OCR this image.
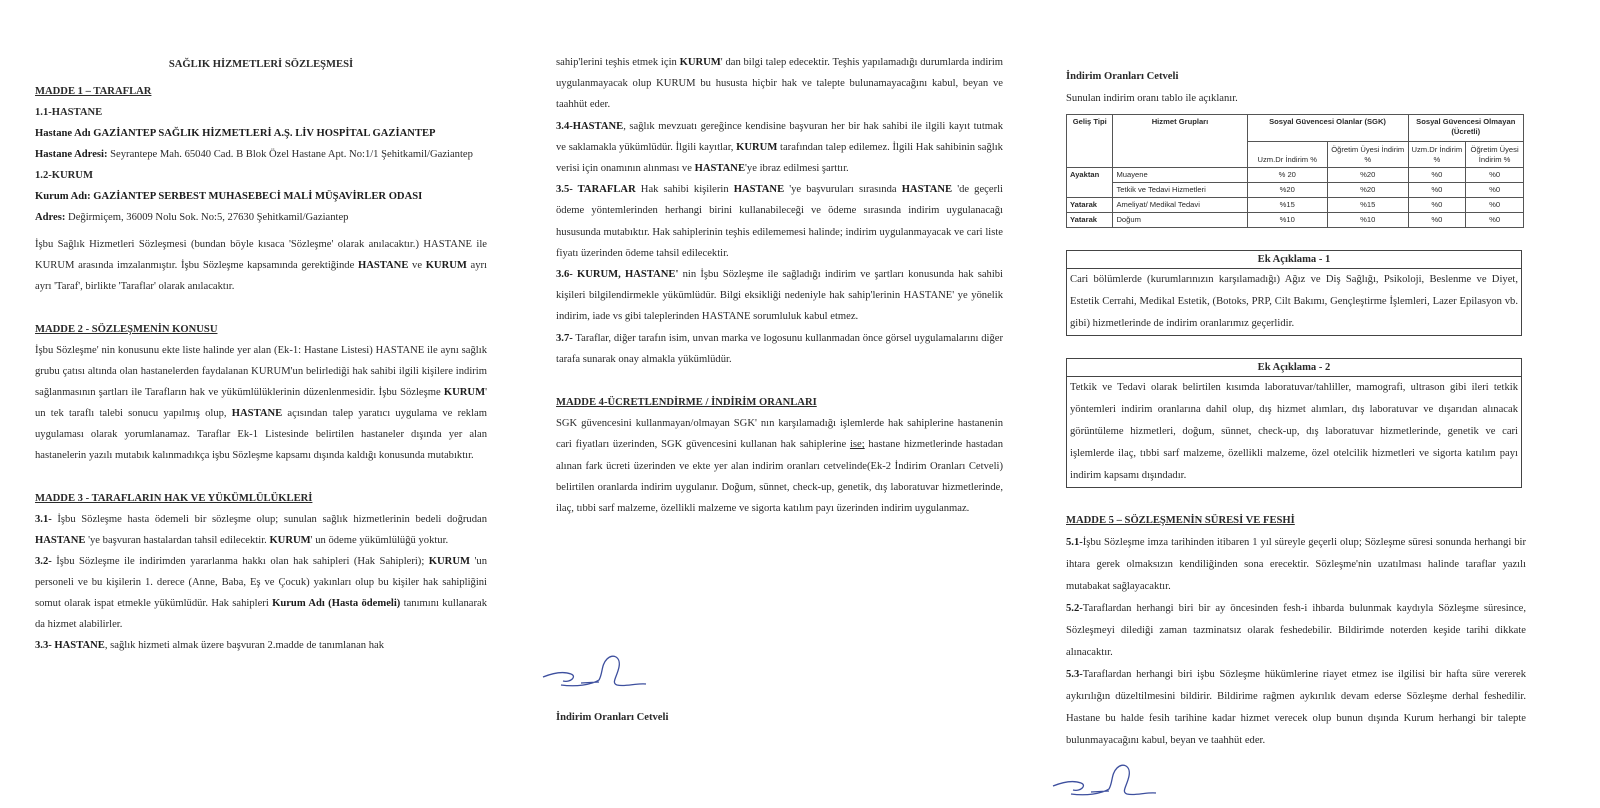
SAĞLIK HİZMETLERİ SÖZLEŞMESİ

MADDE 1 – TARAFLAR

1.1-HASTANE

Hastane Adı GAZİANTEP SAĞLIK HİZMETLERİ A.Ş. LİV HOSPİTAL GAZİANTEP

Hastane Adresi: Seyrantepe Mah. 65040 Cad. B Blok Özel Hastane Apt. No:1/1 Şehitkamil/Gaziantep

1.2-KURUM

Kurum Adı: GAZİANTEP SERBEST MUHASEBECİ MALİ MÜŞAVİRLER ODASI

Adres: Değirmiçem, 36009 Nolu Sok. No:5, 27630 Şehitkamil/Gaziantep

İşbu Sağlık Hizmetleri Sözleşmesi (bundan böyle kısaca 'Sözleşme' olarak anılacaktır.) HASTANE ile KURUM arasında imzalanmıştır. İşbu Sözleşme kapsamında gerektiğinde HASTANE ve KURUM ayrı ayrı 'Taraf', birlikte 'Taraflar' olarak anılacaktır.

MADDE 2 - SÖZLEŞMENİN KONUSU

İşbu Sözleşme' nin konusunu ekte liste halinde yer alan (Ek-1: Hastane Listesi) HASTANE ile aynı sağlık grubu çatısı altında olan hastanelerden faydalanan KURUM'un belirlediği hak sahibi ilgili kişilere indirim sağlanmasının şartları ile Tarafların hak ve yükümlülüklerinin düzenlenmesidir. İşbu Sözleşme KURUM' un tek taraflı talebi sonucu yapılmış olup, HASTANE açısından talep yaratıcı uygulama ve reklam uygulaması olarak yorumlanamaz. Taraflar Ek-1 Listesinde belirtilen hastaneler dışında yer alan hastanelerin yazılı mutabık kalınmadıkça işbu Sözleşme kapsamı dışında kaldığı konusunda mutabıktır.

MADDE 3 - TARAFLARIN HAK VE YÜKÜMLÜLÜKLERİ

3.1- İşbu Sözleşme hasta ödemeli bir sözleşme olup; sunulan sağlık hizmetlerinin bedeli doğrudan HASTANE 'ye başvuran hastalardan tahsil edilecektir. KURUM' un ödeme yükümlülüğü yoktur.

3.2- İşbu Sözleşme ile indirimden yararlanma hakkı olan hak sahipleri (Hak Sahipleri); KURUM 'un personeli ve bu kişilerin 1. derece (Anne, Baba, Eş ve Çocuk) yakınları olup bu kişiler hak sahipliğini somut olarak ispat etmekle yükümlüdür. Hak sahipleri Kurum Adı (Hasta ödemeli) tanımını kullanarak da hizmet alabilirler.

3.3- HASTANE, sağlık hizmeti almak üzere başvuran 2.madde de tanımlanan hak

sahip'lerini teşhis etmek için KURUM' dan bilgi talep edecektir. Teşhis yapılamadığı durumlarda indirim uygulanmayacak olup KURUM bu hususta hiçbir hak ve talepte bulunamayacağını kabul, beyan ve taahhüt eder.

3.4-HASTANE, sağlık mevzuatı gereğince kendisine başvuran her bir hak sahibi ile ilgili kayıt tutmak ve saklamakla yükümlüdür. İlgili kayıtlar, KURUM tarafından talep edilemez. İlgili Hak sahibinin sağlık verisi için onamının alınması ve HASTANE'ye ibraz edilmesi şarttır.

3.5- TARAFLAR Hak sahibi kişilerin HASTANE 'ye başvuruları sırasında HASTANE 'de geçerli ödeme yöntemlerinden herhangi birini kullanabileceği ve ödeme sırasında indirim uygulanacağı hususunda mutabıktır. Hak sahiplerinin teşhis edilememesi halinde; indirim uygulanmayacak ve cari liste fiyatı üzerinden ödeme tahsil edilecektir.

3.6- KURUM, HASTANE' nin İşbu Sözleşme ile sağladığı indirim ve şartları konusunda hak sahibi kişileri bilgilendirmekle yükümlüdür. Bilgi eksikliği nedeniyle hak sahip'lerinin HASTANE' ye yönelik indirim, iade vs gibi taleplerinden HASTANE sorumluluk kabul etmez.

3.7- Taraflar, diğer tarafın isim, unvan marka ve logosunu kullanmadan önce görsel uygulamalarını diğer tarafa sunarak onay almakla yükümlüdür.

MADDE 4-ÜCRETLENDİRME / İNDİRİM ORANLARI

SGK güvencesini kullanmayan/olmayan SGK' nın karşılamadığı işlemlerde hak sahiplerine hastanenin cari fiyatları üzerinden, SGK güvencesini kullanan hak sahiplerine ise; hastane hizmetlerinde hastadan alınan fark ücreti üzerinden ve ekte yer alan indirim oranları cetvelinde(Ek-2 İndirim Oranları Cetveli) belirtilen oranlarda indirim uygulanır. Doğum, sünnet, check-up, genetik, dış laboratuvar hizmetlerinde, ilaç, tıbbi sarf malzeme, özellikli malzeme ve sigorta katılım payı üzerinden indirim uygulanmaz.

İndirim Oranları Cetveli

İndirim Oranları Cetveli

Sunulan indirim oranı tablo ile açıklanır.

Geliş Tipi	Hizmet Grupları	Sosyal Güvencesi Olanlar (SGK)		Sosyal Güvencesi Olmayan (Ücretli)	
		Uzm.Dr İndirim %	Öğretim Üyesi İndirim %	Uzm.Dr İndirim %	Öğretim Üyesi İndirim %
Ayaktan	Muayene	% 20	%20	%0	%0
	Tetkik ve Tedavi Hizmetleri	%20	%20	%0	%0
Yatarak	Ameliyat/ Medikal Tedavi	%15	%15	%0	%0
Yatarak	Doğum	%10	%10	%0	%0
Ek Açıklama - 1

Cari bölümlerde (kurumlarınızın karşılamadığı) Ağız ve Diş Sağlığı, Psikoloji, Beslenme ve Diyet, Estetik Cerrahi, Medikal Estetik, (Botoks, PRP, Cilt Bakımı, Gençleştirme İşlemleri, Lazer Epilasyon vb. gibi) hizmetlerinde de indirim oranlarımız geçerlidir.

Ek Açıklama - 2

Tetkik ve Tedavi olarak belirtilen kısımda laboratuvar/tahliller, mamografi, ultrason gibi ileri tetkik yöntemleri indirim oranlarına dahil olup, dış hizmet alımları, dış laboratuvar ve dışarıdan alınacak görüntüleme hizmetleri, doğum, sünnet, check-up, dış laboratuvar hizmetlerinde, genetik ve cari işlemlerde ilaç, tıbbi sarf malzeme, özellikli malzeme, özel otelcilik hizmetleri ve sigorta katılım payı indirim kapsamı dışındadır.

MADDE 5 – SÖZLEŞMENİN SÜRESİ VE FESHİ

5.1-İşbu Sözleşme imza tarihinden itibaren 1 yıl süreyle geçerli olup; Sözleşme süresi sonunda herhangi bir ihtara gerek olmaksızın kendiliğinden sona erecektir. Sözleşme'nin uzatılması halinde taraflar yazılı mutabakat sağlayacaktır.

5.2-Taraflardan herhangi biri bir ay öncesinden fesh-i ihbarda bulunmak kaydıyla Sözleşme süresince, Sözleşmeyi dilediği zaman tazminatsız olarak feshedebilir. Bildirimde noterden keşide tarihi dikkate alınacaktır.

5.3-Taraflardan herhangi biri işbu Sözleşme hükümlerine riayet etmez ise ilgilisi bir hafta süre vererek aykırılığın düzeltilmesini bildirir. Bildirime rağmen aykırılık devam ederse Sözleşme derhal feshedilir. Hastane bu halde fesih tarihine kadar hizmet verecek olup bunun dışında Kurum herhangi bir talepte bulunmayacağını kabul, beyan ve taahhüt eder.
